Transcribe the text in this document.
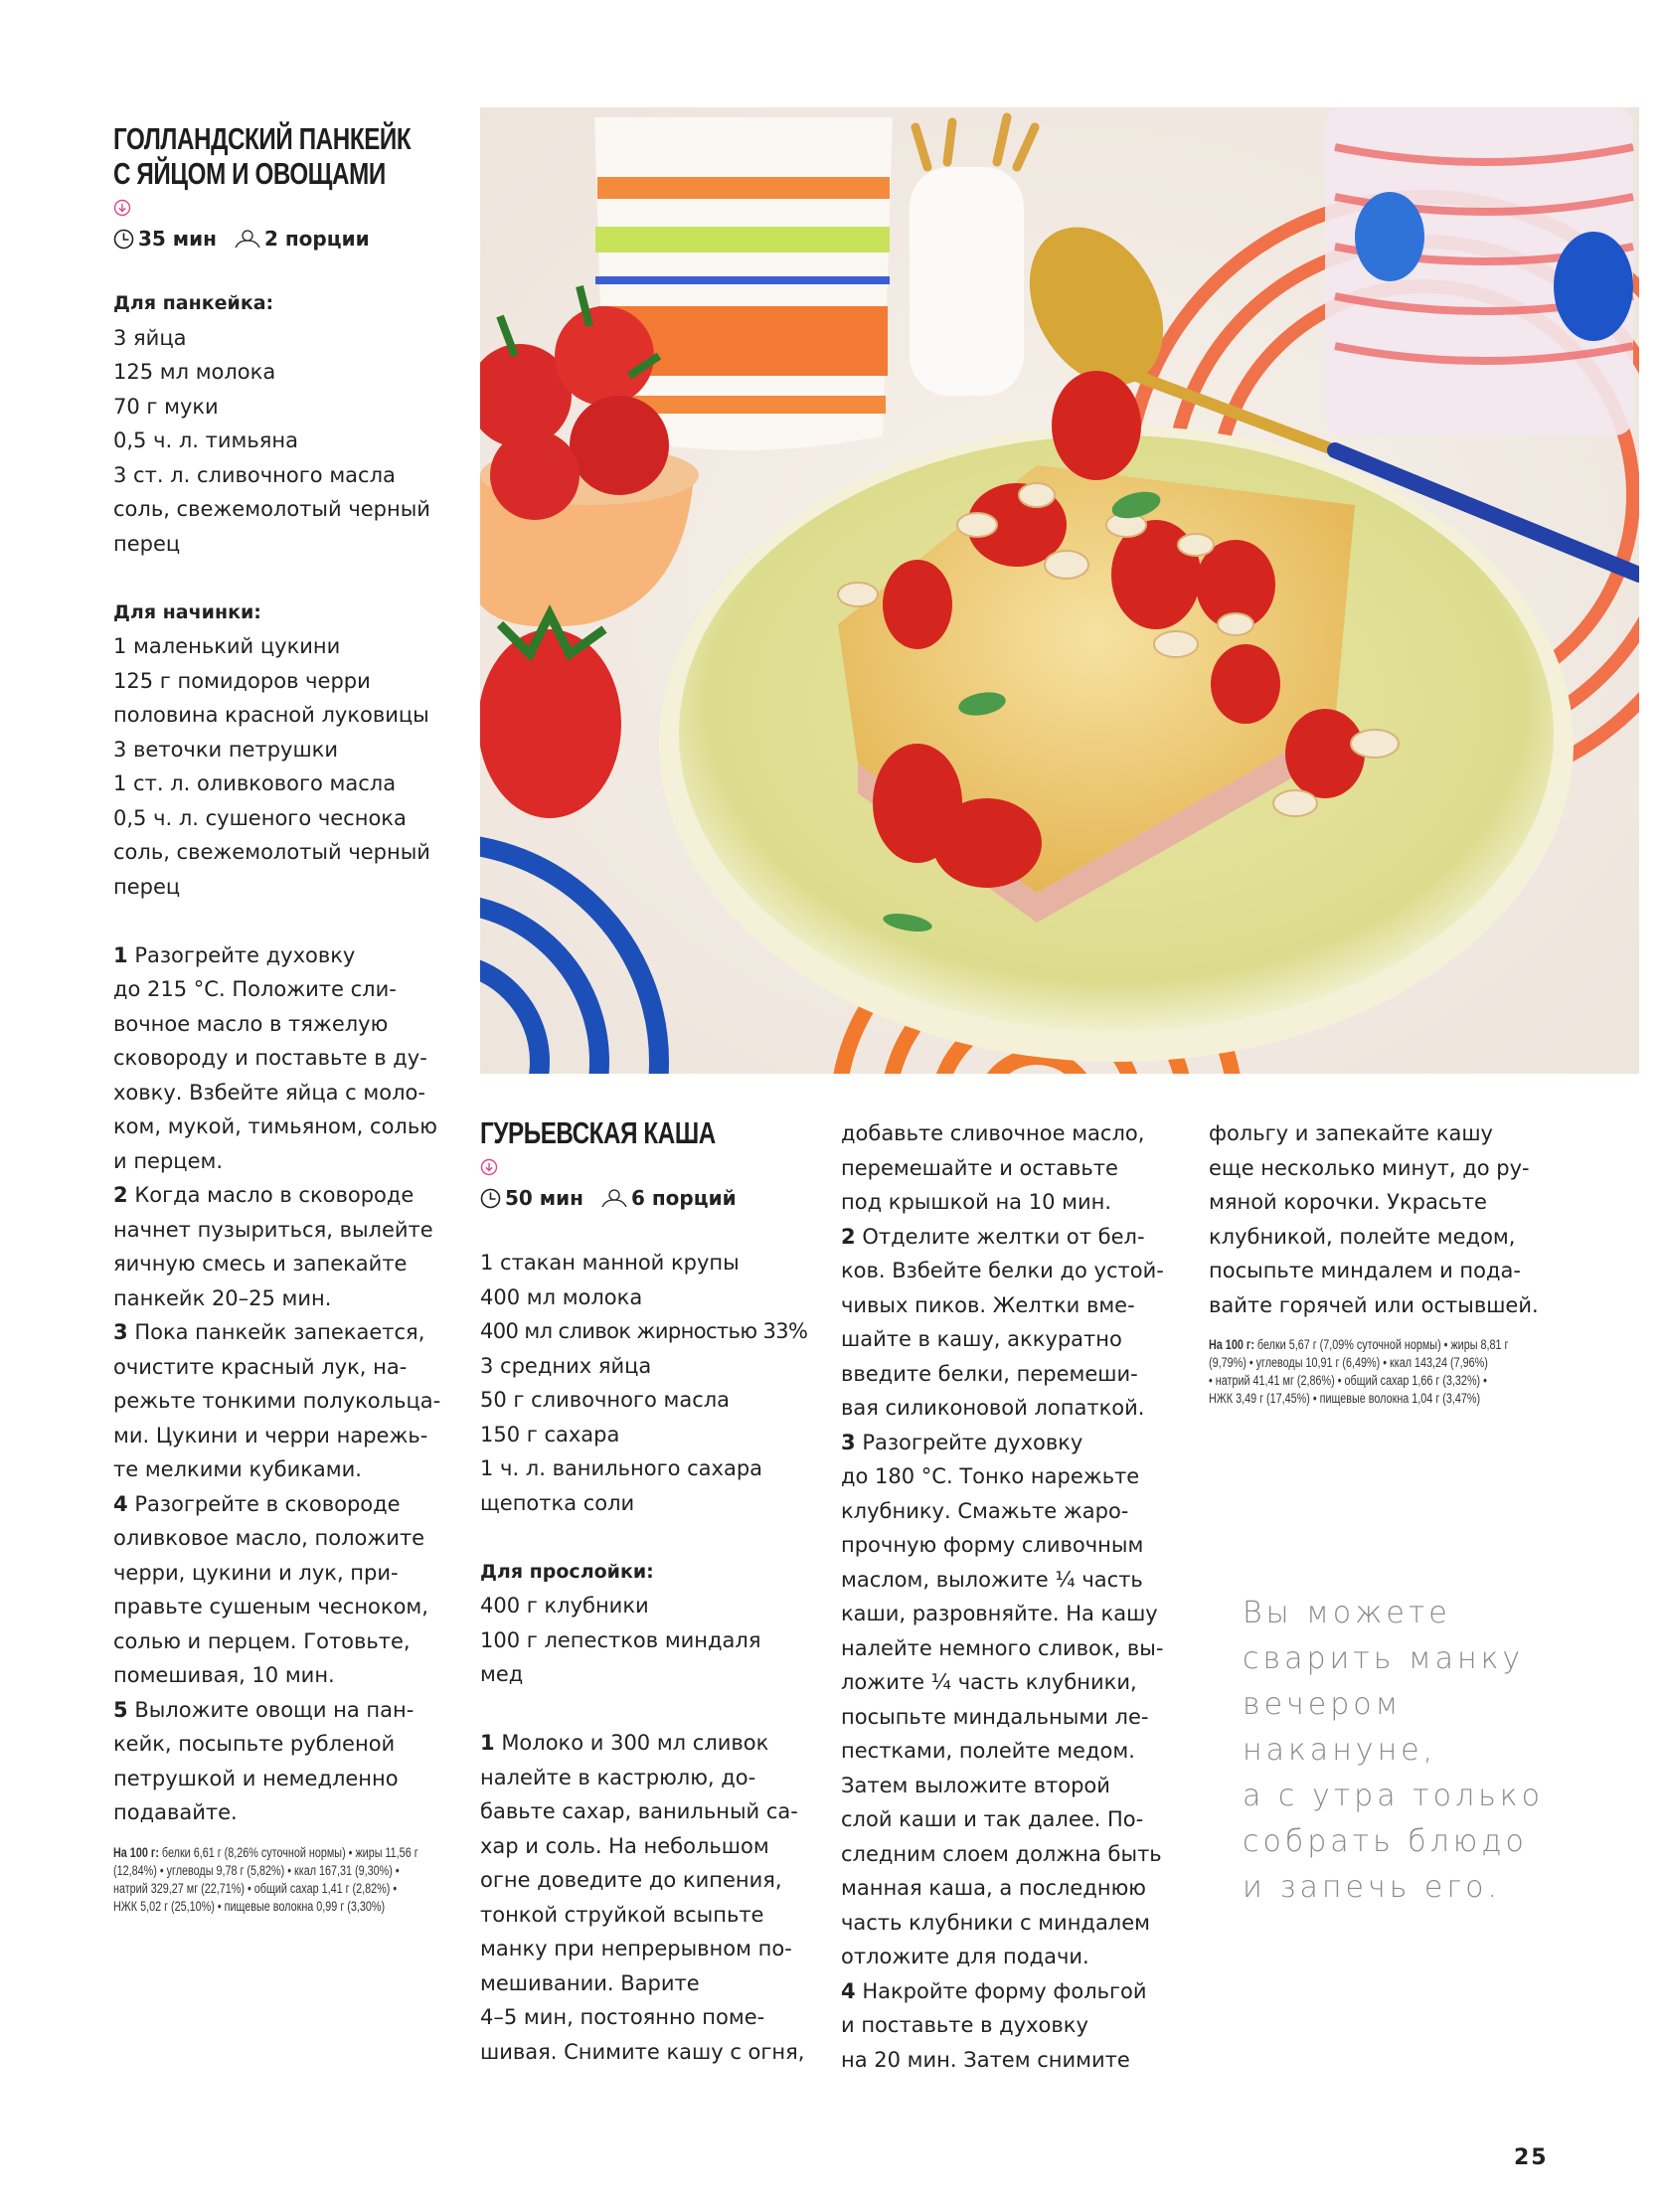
ГОЛЛАНДСКИЙ ПАНКЕЙК
С ЯЙЦОМ И ОВОЩАМИ
35 мин 2 порции
Для панкейка:
3 яйца
125 мл молока
70 г муки
0,5 ч. л. тимьяна
3 ст. л. сливочного масла
соль, свежемолотый черный
перец
Для начинки:
1 маленький цукини
125 г помидоров черри
половина красной луковицы
3 веточки петрушки
1 ст. л. оливкового масла
0,5 ч. л. сушеного чеснока
соль, свежемолотый черный
перец
1 Разогрейте духовку
до 215 °С. Положите сли-
вочное масло в тяжелую
сковороду и поставьте в ду-
ховку. Взбейте яйца с моло-
ком, мукой, тимьяном, солью
и перцем.
2 Когда масло в сковороде
начнет пузыриться, вылейте
яичную смесь и запекайте
панкейк 20–25 мин.
3 Пока панкейк запекается,
очистите красный лук, на-
режьте тонкими полукольца-
ми. Цукини и черри нарежь-
те мелкими кубиками.
4 Разогрейте в сковороде
оливковое масло, положите
черри, цукини и лук, при-
правьте сушеным чесноком,
солью и перцем. Готовьте,
помешивая, 10 мин.
5 Выложите овощи на пан-
кейк, посыпьте рубленой
петрушкой и немедленно
подавайте.
На 100 г: белки 6,61 г (8,26% суточной нормы) • жиры 11,56 г
(12,84%) • углеводы 9,78 г (5,82%) • ккал 167,31 (9,30%) •
натрий 329,27 мг (22,71%) • общий сахар 1,41 г (2,82%) •
НЖК 5,02 г (25,10%) • пищевые волокна 0,99 г (3,30%)
ГУРЬЕВСКАЯ КАША
50 мин 6 порций
1 стакан манной крупы
400 мл молока
400 мл сливок жирностью 33%
3 средних яйца
50 г сливочного масла
150 г сахара
1 ч. л. ванильного сахара
щепотка соли
Для прослойки:
400 г клубники
100 г лепестков миндаля
мед
1 Молоко и 300 мл сливок
налейте в кастрюлю, до-
бавьте сахар, ванильный са-
хар и соль. На небольшом
огне доведите до кипения,
тонкой струйкой всыпьте
манку при непрерывном по-
мешивании. Варите
4–5 мин, постоянно поме-
шивая. Снимите кашу с огня,
добавьте сливочное масло,
перемешайте и оставьте
под крышкой на 10 мин.
2 Отделите желтки от бел-
ков. Взбейте белки до устой-
чивых пиков. Желтки вме-
шайте в кашу, аккуратно
введите белки, перемеши-
вая силиконовой лопаткой.
3 Разогрейте духовку
до 180 °С. Тонко нарежьте
клубнику. Смажьте жаро-
прочную форму сливочным
маслом, выложите ¼ часть
каши, разровняйте. На кашу
налейте немного сливок, вы-
ложите ¼ часть клубники,
посыпьте миндальными ле-
пестками, полейте медом.
Затем выложите второй
слой каши и так далее. По-
следним слоем должна быть
манная каша, а последнюю
часть клубники с миндалем
отложите для подачи.
4 Накройте форму фольгой
и поставьте в духовку
на 20 мин. Затем снимите
фольгу и запекайте кашу
еще несколько минут, до ру-
мяной корочки. Украсьте
клубникой, полейте медом,
посыпьте миндалем и пода-
вайте горячей или остывшей.
На 100 г: белки 5,67 г (7,09% суточной нормы) • жиры 8,81 г
(9,79%) • углеводы 10,91 г (6,49%) • ккал 143,24 (7,96%)
• натрий 41,41 мг (2,86%) • общий сахар 1,66 г (3,32%) •
НЖК 3,49 г (17,45%) • пищевые волокна 1,04 г (3,47%)
Вы можете
сварить манку
вечером
накануне,
а с утра только
собрать блюдо
и запечь его.
25
